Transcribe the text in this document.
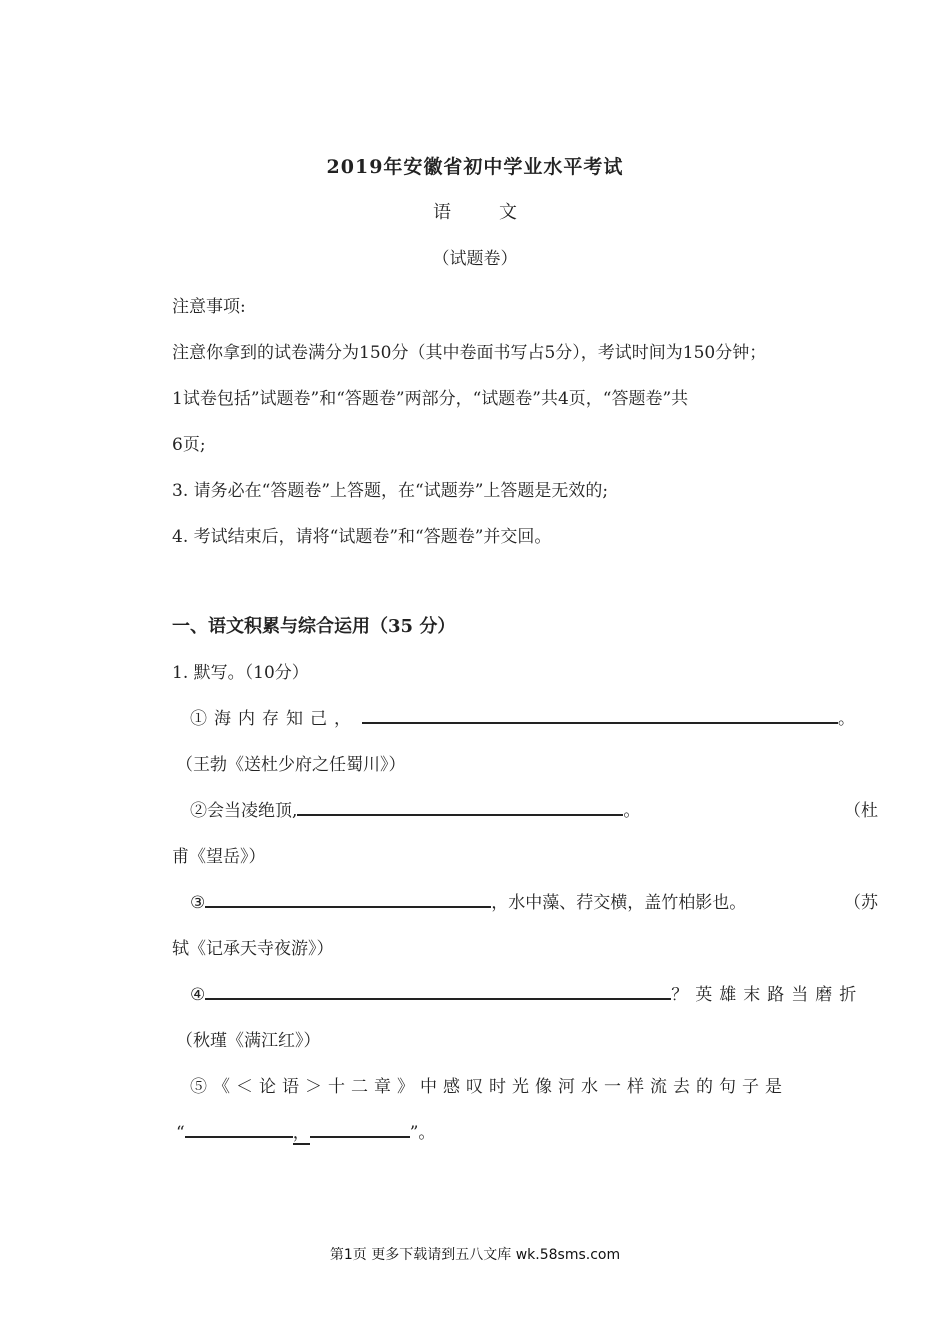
2019年安徽省初中学业水平考试
语	文
（试题卷）
注意事项:
注意你拿到的试卷满分为150分（其中卷面书写占5分），考试时间为150分钟；
1试卷包括”试题卷”和“答题卷”两部分，“试题卷”共4页，“答题卷”共
6页;
3. 请务必在“答题卷”上答题，在“试题券”上答题是无效的;
4. 考试结束后，请将“试题卷”和“答题卷”并交回。
一、语文积累与综合运用（35 分）
1. 默写。（10分）
①海内存知己，	。
（王勃《送杜少府之任蜀川》）
②会当凌绝顶,	。	（杜
甫《望岳》）
③	，水中藻、荇交横，盖竹柏影也。	（苏
轼《记承天寺夜游》）
④	？英雄末路当磨折
（秋瑾《满江红》）
⑤《＜论语＞十二章》中感叹时光像河水一样流去的句子是
“	，	”。
第1页 更多下载请到五八文库 wk.58sms.com
